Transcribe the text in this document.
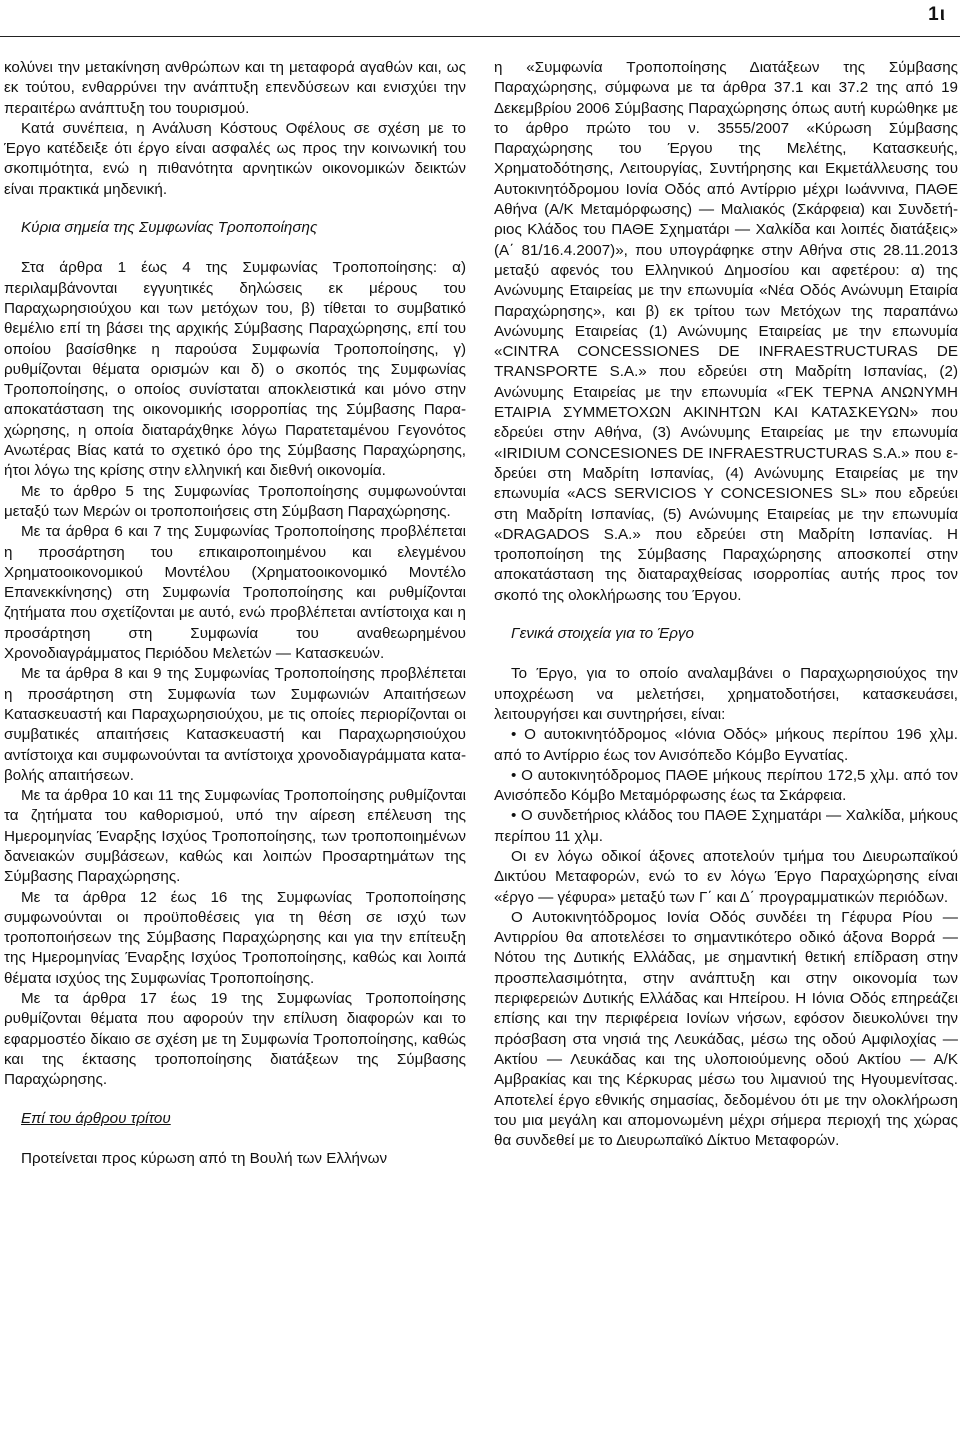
1ι

κολύνει την μετακίνηση ανθρώπων και τη μεταφορά αγαθών και, ως εκ τούτου, ενθαρρύνει την ανάπτυξη επενδύσεων και ενισχύει την περαιτέρω ανάπτυξη του τουρισμού.

Κατά συνέπεια, η Ανάλυση Κόστους Οφέλους σε σχέση με το Έργο κατέδειξε ότι έργο είναι ασφαλές ως προς την κοινωνική του σκοπιμότητα, ενώ η πιθανότητα αρνητικών οικονομικών δεικτών είναι πρακτικά μηδενική.

Κύρια σημεία της Συμφωνίας Τροποποίησης

Στα άρθρα 1 έως 4 της Συμφωνίας Τροποποίησης: α) περιλαμβάνονται εγγυητικές δηλώσεις εκ μέρους του Παραχωρησιούχου και των μετόχων του, β) τίθεται το συμβατικό θεμέλιο επί τη βάσει της αρχικής Σύμβασης Παραχώρησης, επί του οποίου βασίσθηκε η παρούσα Συμφωνία Τροποποίησης, γ) ρυθμίζονται θέματα ορισμών και δ) ο σκοπός της Συμφωνίας Τροποποίησης, ο οποίος συνίσταται αποκλειστικά και μόνο στην αποκατάσταση της οικονομικής ισορροπίας της Σύμβασης Παραχώρησης, η οποία διαταράχθηκε λόγω Παρατεταμένου Γεγονότος Ανωτέρας Βίας κατά το σχετικό όρο της Σύμβασης Παραχώρησης, ήτοι λόγω της κρίσης στην ελληνική και διεθνή οικονομία.

Με το άρθρο 5 της Συμφωνίας Τροποποίησης συμφωνούνται μεταξύ των Μερών οι τροποποιήσεις στη Σύμβαση Παραχώρησης.

Με τα άρθρα 6 και 7 της Συμφωνίας Τροποποίησης προβλέπεται η προσάρτηση του επικαιροποιημένου και ελεγμένου Χρηματοοικονομικού Μοντέλου (Χρηματοοικονομικό Μοντέλο Επανεκκίνησης) στη Συμφωνία Τροποποίησης και ρυθμίζονται ζητήματα που σχετίζονται με αυτό, ενώ προβλέπεται αντίστοιχα και η προσάρτηση στη Συμφωνία του αναθεωρημένου Χρονοδιαγράμματος Περιόδου Μελετών — Κατασκευών.

Με τα άρθρα 8 και 9 της Συμφωνίας Τροποποίησης προβλέπεται η προσάρτηση στη Συμφωνία των Συμφωνιών Απαιτήσεων Κατασκευαστή και Παραχωρησιούχου, με τις οποίες περιορίζονται οι συμβατικές απαιτήσεις Κατασκευαστή και Παραχωρησιούχου αντίστοιχα και συμφωνούνται τα αντίστοιχα χρονοδιαγράμματα καταβολής απαιτήσεων.

Με τα άρθρα 10 και 11 της Συμφωνίας Τροποποίησης ρυθμίζονται τα ζητήματα του καθορισμού, υπό την αίρεση επέλευση της Ημερομηνίας Έναρξης Ισχύος Τροποποίησης, των τροποποιημένων δανειακών συμβάσεων, καθώς και λοιπών Προσαρτημάτων της Σύμβασης Παραχώρησης.

Με τα άρθρα 12 έως 16 της Συμφωνίας Τροποποίησης συμφωνούνται οι προϋποθέσεις για τη θέση σε ισχύ των τροποποιήσεων της Σύμβασης Παραχώρησης και για την επίτευξη της Ημερομηνίας Έναρξης Ισχύος Τροποποίησης, καθώς και λοιπά θέματα ισχύος της Συμφωνίας Τροποποίησης.

Με τα άρθρα 17 έως 19 της Συμφωνίας Τροποποίησης ρυθμίζονται θέματα που αφορούν την επίλυση διαφορών και το εφαρμοστέο δίκαιο σε σχέση με τη Συμφωνία Τροποποίησης, καθώς και της έκτασης τροποποίησης διατάξεων της Σύμβασης Παραχώρησης.

Επί του άρθρου τρίτου

Προτείνεται προς κύρωση από τη Βουλή των Ελλήνων

η «Συμφωνία Τροποποίησης Διατάξεων της Σύμβασης Παραχώρησης, σύμφωνα με τα άρθρα 37.1 και 37.2 της από 19 Δεκεμβρίου 2006 Σύμβασης Παραχώρησης όπως αυτή κυρώθηκε με το άρθρο πρώτο του ν. 3555/2007 «Κύρωση Σύμβασης Παραχώρησης του Έργου της Μελέτης, Κατασκευής, Χρηματοδότησης, Λειτουργίας, Συντήρησης και Εκμετάλλευσης του Αυτοκινητόδρομου Ιονία Οδός από Αντίρριο μέχρι Ιωάννινα, ΠΑΘΕ Αθήνα (Α/Κ Μεταμόρφωσης) — Μαλιακός (Σκάρφεια) και Συνδετήριος Κλάδος του ΠΑΘΕ Σχηματάρι — Χαλκίδα και λοιπές διατάξεις» (Α΄ 81/16.4.2007)», που υπογράφηκε στην Αθήνα στις 28.11.2013 μεταξύ αφενός του Ελληνικού Δημοσίου και αφετέρου: α) της Ανώνυμης Εταιρείας με την επωνυμία «Νέα Οδός Ανώνυμη Εταιρία Παραχώρησης», και β) εκ τρίτου των Μετόχων της παραπάνω Ανώνυμης Εταιρείας (1) Ανώνυμης Εταιρείας με την επωνυμία «CINTRA CONCESSIONES DE INFRAESTRUCTURAS DE TRANSPORTE S.A.» που εδρεύει στη Μαδρίτη Ισπανίας, (2) Ανώνυμης Εταιρείας με την επωνυμία «ΓΕΚ ΤΕΡΝΑ ΑΝΩΝΥΜΗ ΕΤΑΙΡΙΑ ΣΥΜΜΕΤΟΧΩΝ ΑΚΙΝΗΤΩΝ ΚΑΙ ΚΑΤΑΣΚΕΥΩΝ» που εδρεύει στην Αθήνα, (3) Ανώνυμης Εταιρείας με την επωνυμία «IRIDIUM CONCESIONES DE INFRAESTRUCTURAS S.A.» που εδρεύει στη Μαδρίτη Ισπανίας, (4) Ανώνυμης Εταιρείας με την επωνυμία «ACS SERVICIOS Y CONCESIONES SL» που εδρεύει στη Μαδρίτη Ισπανίας, (5) Ανώνυμης Εταιρείας με την επωνυμία «DRAGADOS S.A.» που εδρεύει στη Μαδρίτη Ισπανίας. Η τροποποίηση της Σύμβασης Παραχώρησης αποσκοπεί στην αποκατάσταση της διαταραχθείσας ισορροπίας αυτής προς τον σκοπό της ολοκλήρωσης του Έργου.

Γενικά στοιχεία για το Έργο

Το Έργο, για το οποίο αναλαμβάνει ο Παραχωρησιούχος την υποχρέωση να μελετήσει, χρηματοδοτήσει, κατασκευάσει, λειτουργήσει και συντηρήσει, είναι:

• Ο αυτοκινητόδρομος «Ιόνια Οδός» μήκους περίπου 196 χλμ. από το Αντίρριο έως τον Ανισόπεδο Κόμβο Εγνατίας.

• Ο αυτοκινητόδρομος ΠΑΘΕ μήκους περίπου 172,5 χλμ. από τον Ανισόπεδο Κόμβο Μεταμόρφωσης έως τα Σκάρφεια.

• Ο συνδετήριος κλάδος του ΠΑΘΕ Σχηματάρι — Χαλκίδα, μήκους περίπου 11 χλμ.

Οι εν λόγω οδικοί άξονες αποτελούν τμήμα του Διευρωπαϊκού Δικτύου Μεταφορών, ενώ το εν λόγω Έργο Παραχώρησης είναι «έργο — γέφυρα» μεταξύ των Γ΄ και Δ΄ προγραμματικών περιόδων.

Ο Αυτοκινητόδρομος Ιονία Οδός συνδέει τη Γέφυρα Ρίου — Αντιρρίου θα αποτελέσει το σημαντικότερο οδικό άξονα Βορρά — Νότου της Δυτικής Ελλάδας, με σημαντική θετική επίδραση στην προσπελασιμότητα, στην ανάπτυξη και στην οικονομία των περιφερειών Δυτικής Ελλάδας και Ηπείρου. Η Ιόνια Οδός επηρεάζει επίσης και την περιφέρεια Ιονίων νήσων, εφόσον διευκολύνει την πρόσβαση στα νησιά της Λευκάδας, μέσω της οδού Αμφιλοχίας — Ακτίου — Λευκάδας και της υλοποιούμενης οδού Ακτίου — Α/Κ Αμβρακίας και της Κέρκυρας μέσω του λιμανιού της Ηγουμενίτσας. Αποτελεί έργο εθνικής σημασίας, δεδομένου ότι με την ολοκλήρωση του μια μεγάλη και απομονωμένη μέχρι σήμερα περιοχή της χώρας θα συνδεθεί με το Διευρωπαϊκό Δίκτυο Μεταφορών.
